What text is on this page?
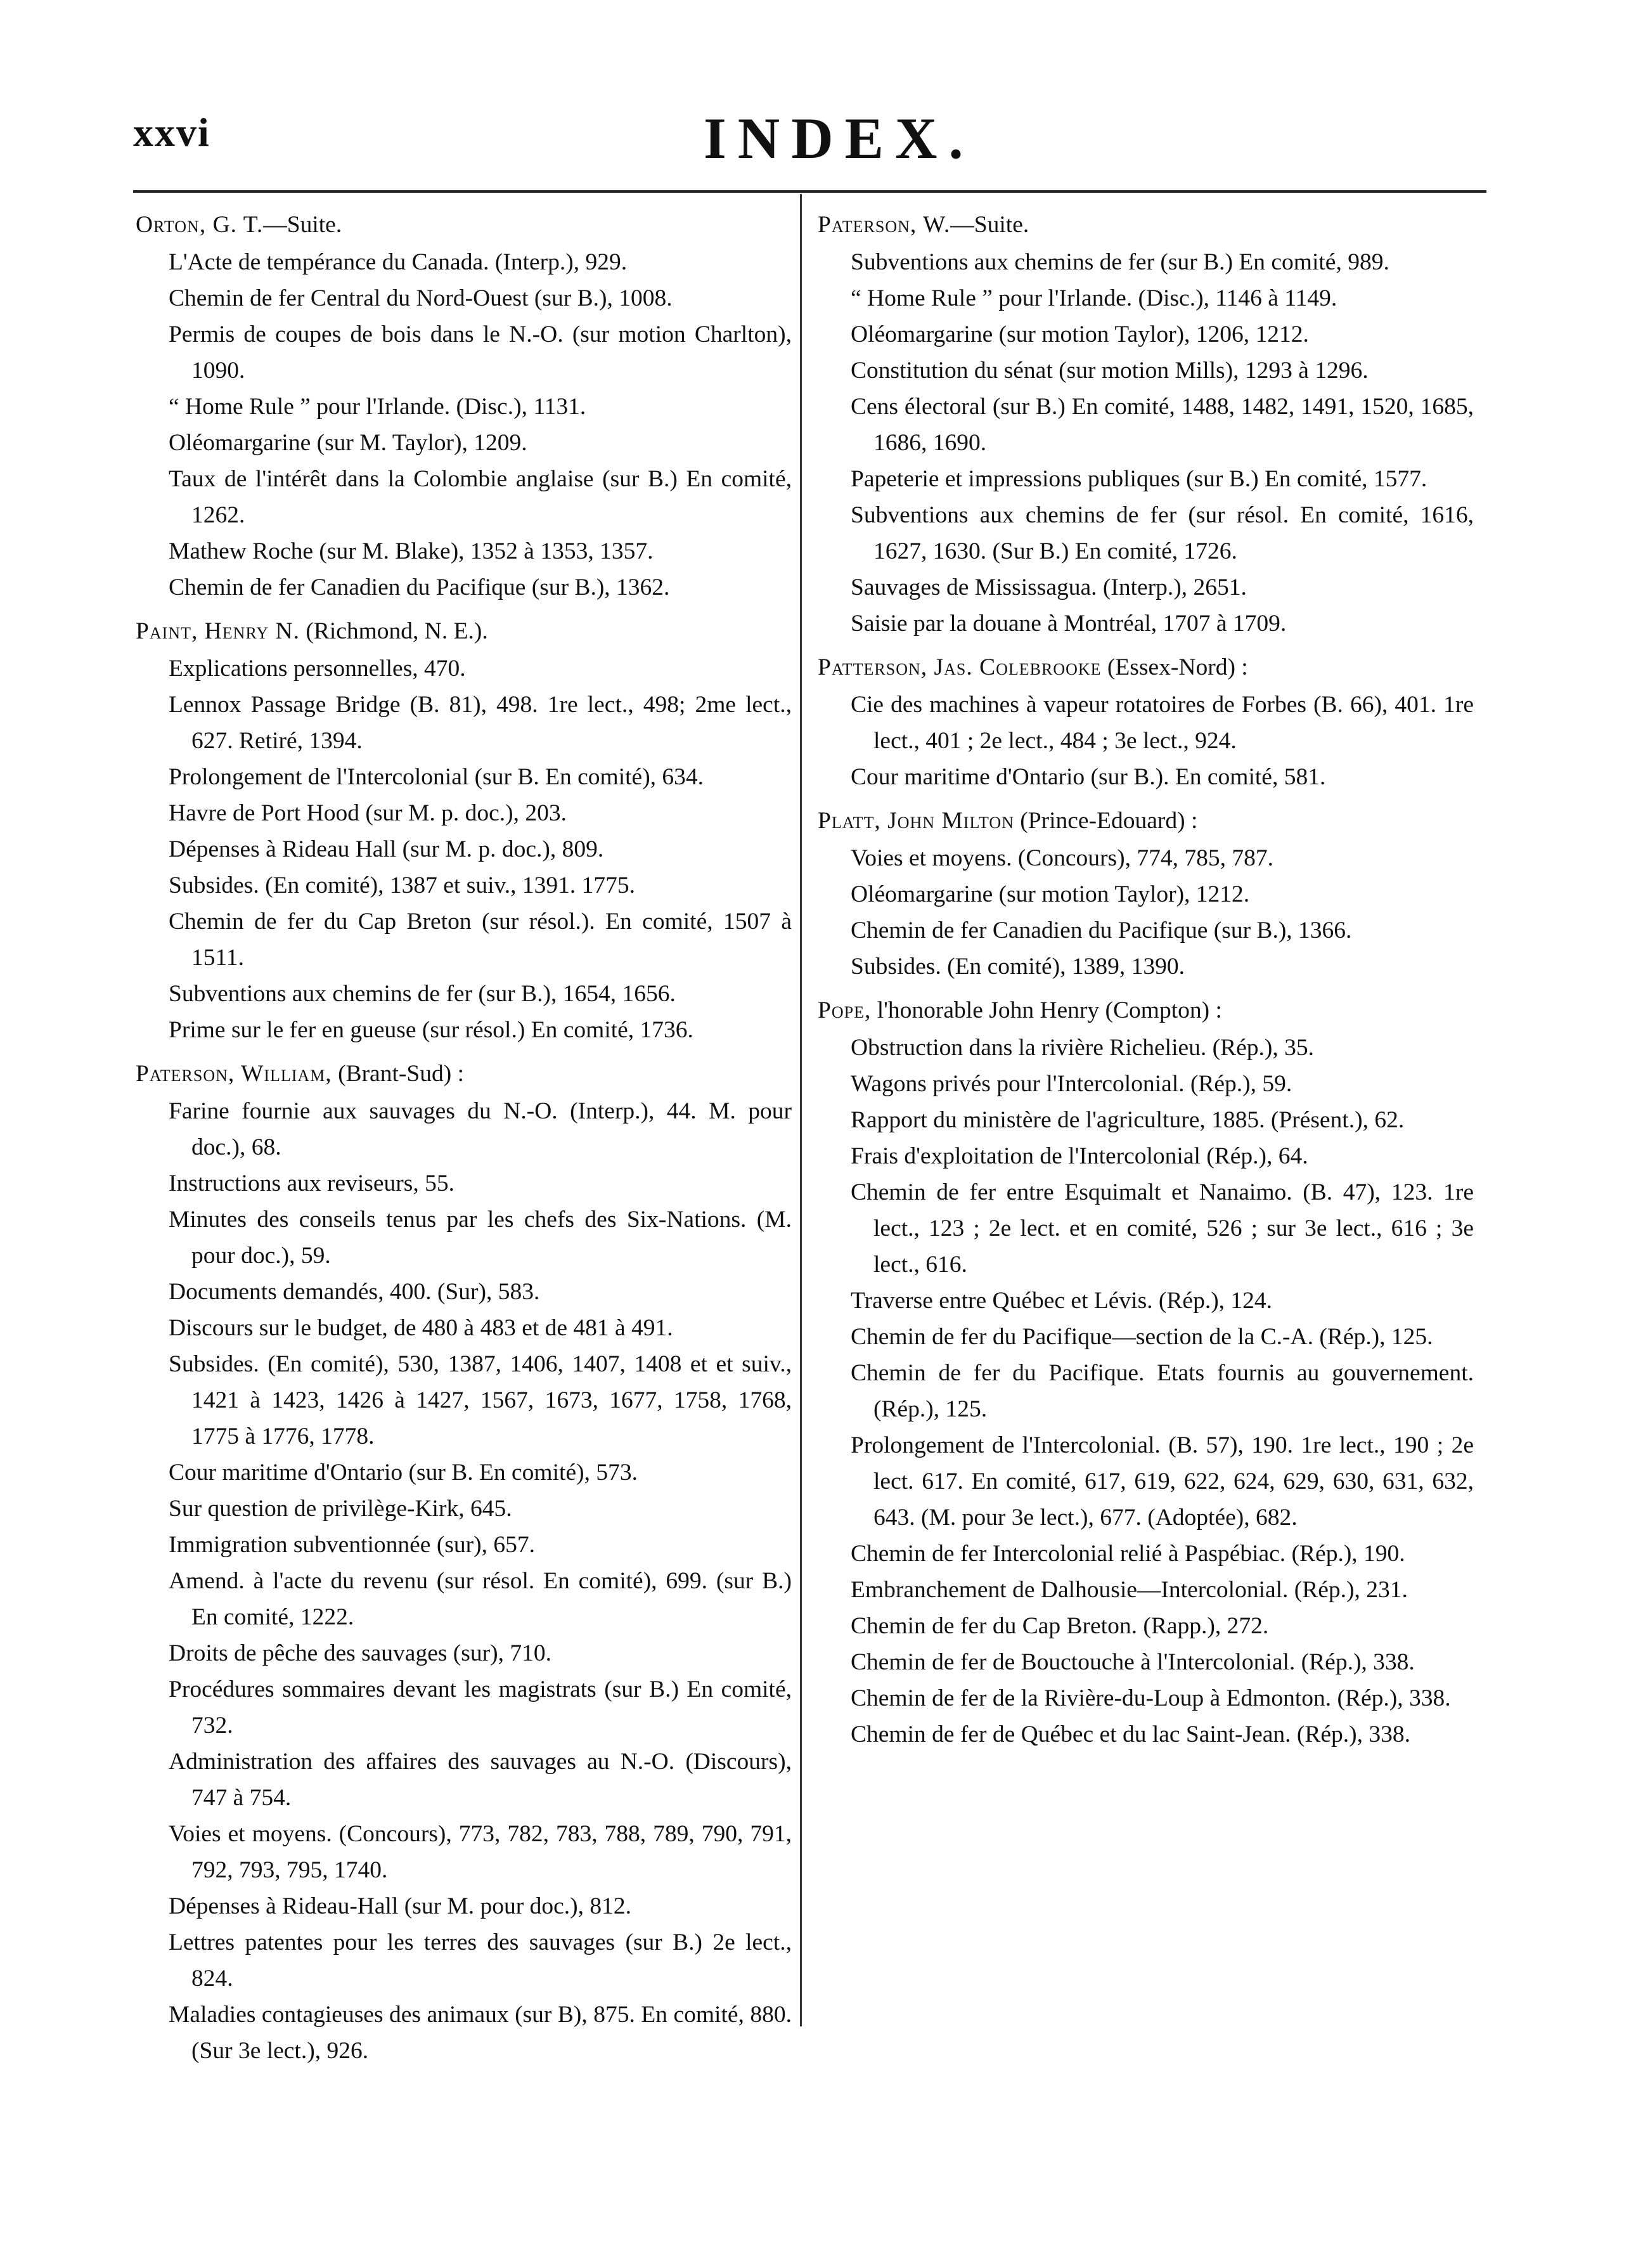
xxvi	INDEX.
Orton, G. T.—Suite.
L'Acte de tempérance du Canada. (Interp.), 929.
Chemin de fer Central du Nord-Ouest (sur B.), 1008.
Permis de coupes de bois dans le N.-O. (sur motion Charlton), 1090.
“ Home Rule ” pour l'Irlande. (Disc.), 1131.
Oléomargarine (sur M. Taylor), 1209.
Taux de l'intérêt dans la Colombie anglaise (sur B.) En comité, 1262.
Mathew Roche (sur M. Blake), 1352 à 1353, 1357.
Chemin de fer Canadien du Pacifique (sur B.), 1362.
Paint, Henry N. (Richmond, N. E.).
Explications personnelles, 470.
Lennox Passage Bridge (B. 81), 498. 1re lect., 498; 2me lect., 627. Retiré, 1394.
Prolongement de l'Intercolonial (sur B. En comité), 634.
Havre de Port Hood (sur M. p. doc.), 203.
Dépenses à Rideau Hall (sur M. p. doc.), 809.
Subsides. (En comité), 1387 et suiv., 1391. 1775.
Chemin de fer du Cap Breton (sur résol.). En comité, 1507 à 1511.
Subventions aux chemins de fer (sur B.), 1654, 1656.
Prime sur le fer en gueuse (sur résol.) En comité, 1736.
Paterson, William, (Brant-Sud) :
Farine fournie aux sauvages du N.-O. (Interp.), 44. M. pour doc.), 68.
Instructions aux reviseurs, 55.
Minutes des conseils tenus par les chefs des Six-Nations. (M. pour doc.), 59.
Documents demandés, 400. (Sur), 583.
Discours sur le budget, de 480 à 483 et de 481 à 491.
Subsides. (En comité), 530, 1387, 1406, 1407, 1408 et et suiv., 1421 à 1423, 1426 à 1427, 1567, 1673, 1677, 1758, 1768, 1775 à 1776, 1778.
Cour maritime d'Ontario (sur B. En comité), 573.
Sur question de privilège-Kirk, 645.
Immigration subventionnée (sur), 657.
Amend. à l'acte du revenu (sur résol. En comité), 699. (sur B.) En comité, 1222.
Droits de pêche des sauvages (sur), 710.
Procédures sommaires devant les magistrats (sur B.) En comité, 732.
Administration des affaires des sauvages au N.-O. (Discours), 747 à 754.
Voies et moyens. (Concours), 773, 782, 783, 788, 789, 790, 791, 792, 793, 795, 1740.
Dépenses à Rideau-Hall (sur M. pour doc.), 812.
Lettres patentes pour les terres des sauvages (sur B.) 2e lect., 824.
Maladies contagieuses des animaux (sur B), 875. En comité, 880. (Sur 3e lect.), 926.
Paterson, W.—Suite.
Subventions aux chemins de fer (sur B.) En comité, 989.
“ Home Rule ” pour l'Irlande. (Disc.), 1146 à 1149.
Oléomargarine (sur motion Taylor), 1206, 1212.
Constitution du sénat (sur motion Mills), 1293 à 1296.
Cens électoral (sur B.) En comité, 1488, 1482, 1491, 1520, 1685, 1686, 1690.
Papeterie et impressions publiques (sur B.) En comité, 1577.
Subventions aux chemins de fer (sur résol. En comité, 1616, 1627, 1630. (Sur B.) En comité, 1726.
Sauvages de Mississagua. (Interp.), 2651.
Saisie par la douane à Montréal, 1707 à 1709.
Patterson, Jas. Colebrooke (Essex-Nord) :
Cie des machines à vapeur rotatoires de Forbes (B. 66), 401. 1re lect., 401 ; 2e lect., 484 ; 3e lect., 924.
Cour maritime d'Ontario (sur B.). En comité, 581.
Platt, John Milton (Prince-Edouard) :
Voies et moyens. (Concours), 774, 785, 787.
Oléomargarine (sur motion Taylor), 1212.
Chemin de fer Canadien du Pacifique (sur B.), 1366.
Subsides. (En comité), 1389, 1390.
Pope, l'honorable John Henry (Compton) :
Obstruction dans la rivière Richelieu. (Rép.), 35.
Wagons privés pour l'Intercolonial. (Rép.), 59.
Rapport du ministère de l'agriculture, 1885. (Présent.), 62.
Frais d'exploitation de l'Intercolonial (Rép.), 64.
Chemin de fer entre Esquimalt et Nanaimo. (B. 47), 123. 1re lect., 123 ; 2e lect. et en comité, 526 ; sur 3e lect., 616 ; 3e lect., 616.
Traverse entre Québec et Lévis. (Rép.), 124.
Chemin de fer du Pacifique—section de la C.-A. (Rép.), 125.
Chemin de fer du Pacifique. Etats fournis au gouvernement. (Rép.), 125.
Prolongement de l'Intercolonial. (B. 57), 190. 1re lect., 190 ; 2e lect. 617. En comité, 617, 619, 622, 624, 629, 630, 631, 632, 643. (M. pour 3e lect.), 677. (Adoptée), 682.
Chemin de fer Intercolonial relié à Paspébiac. (Rép.), 190.
Embranchement de Dalhousie—Intercolonial. (Rép.), 231.
Chemin de fer du Cap Breton. (Rapp.), 272.
Chemin de fer de Bouctouche à l'Intercolonial. (Rép.), 338.
Chemin de fer de la Rivière-du-Loup à Edmonton. (Rép.), 338.
Chemin de fer de Québec et du lac Saint-Jean. (Rép.), 338.
